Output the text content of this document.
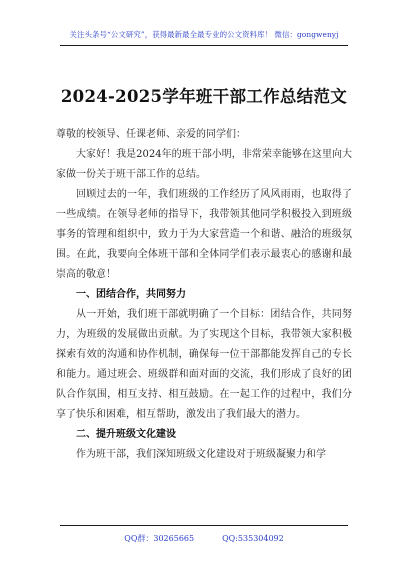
关注头条号“公文研究”，获得最新最全最专业的公文资料库！ 微信：gongwenyj
2024-2025学年班干部工作总结范文

尊敬的校领导、任课老师、亲爱的同学们：

大家好！我是2024年的班干部小明，非常荣幸能够在这里向大家做一份关于班干部工作的总结。

回顾过去的一年，我们班级的工作经历了风风雨雨，也取得了一些成绩。在领导老师的指导下，我带领其他同学积极投入到班级事务的管理和组织中，致力于为大家营造一个和谐、融洽的班级氛围。在此，我要向全体班干部和全体同学们表示最衷心的感谢和最崇高的敬意！

一、团结合作，共同努力

从一开始，我们班干部就明确了一个目标：团结合作，共同努力，为班级的发展做出贡献。为了实现这个目标，我带领大家积极探索有效的沟通和协作机制，确保每一位干部都能发挥自己的专长和能力。通过班会、班级群和面对面的交流，我们形成了良好的团队合作氛围，相互支持、相互鼓励。在一起工作的过程中，我们分享了快乐和困难，相互帮助，激发出了我们最大的潜力。

二、提升班级文化建设

作为班干部，我们深知班级文化建设对于班级凝聚力和学

QQ群：30265665	QQ:535304092
